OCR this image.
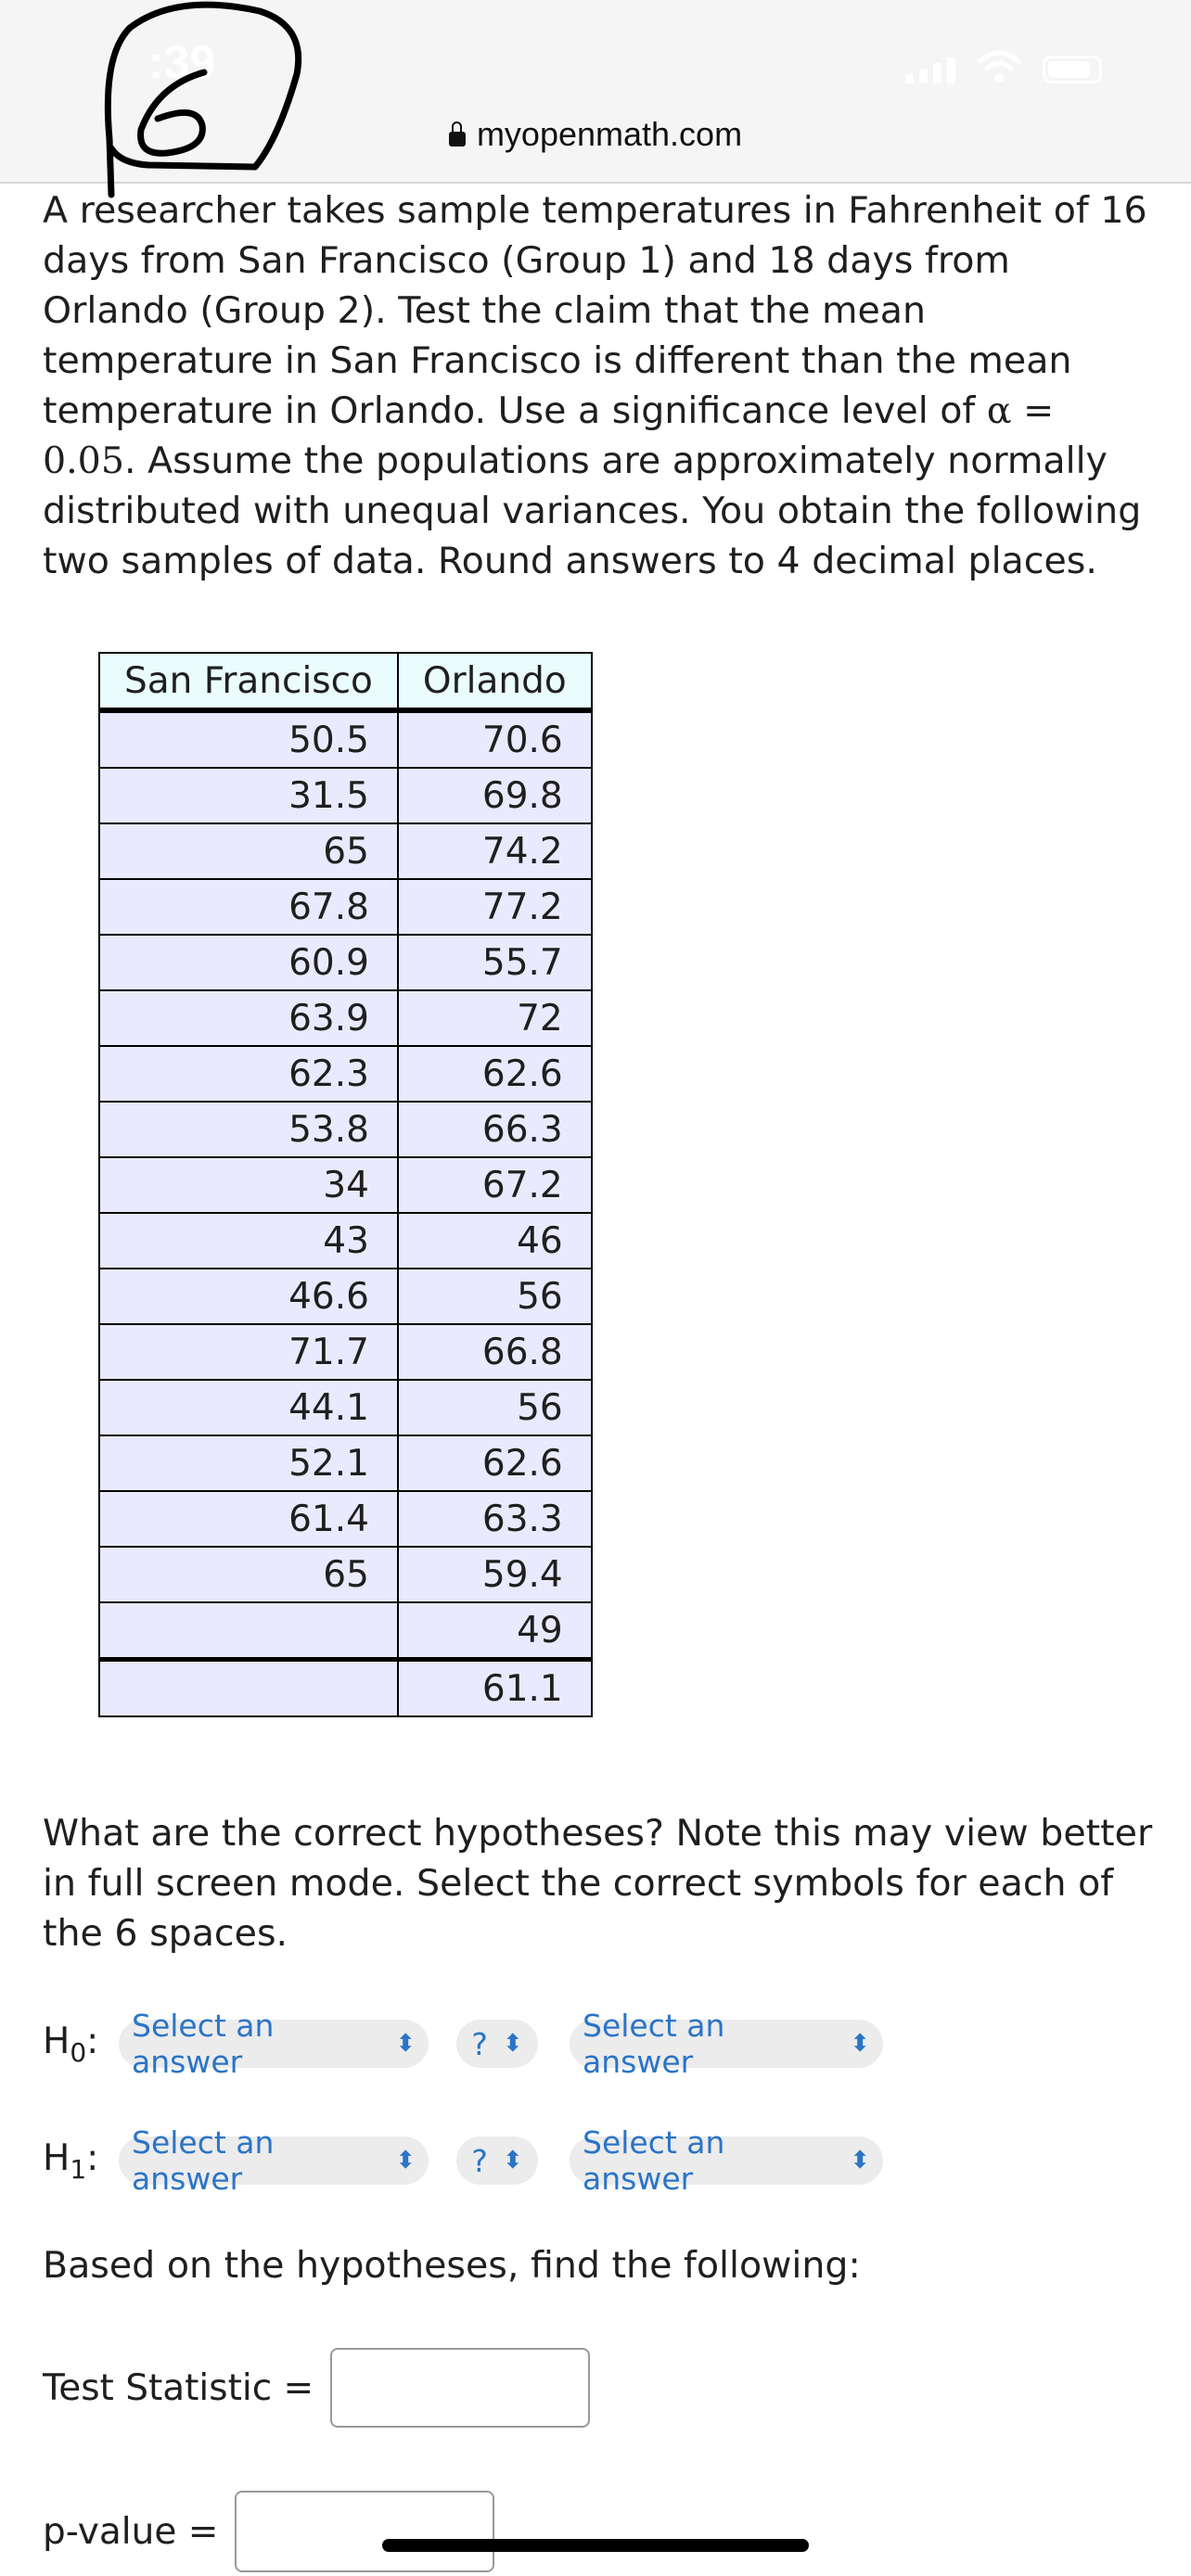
:39
myopenmath.com
6
A researcher takes sample temperatures in Fahrenheit of 16 days from San Francisco (Group 1) and 18 days from Orlando (Group 2). Test the claim that the mean temperature in San Francisco is different than the mean temperature in Orlando. Use a significance level of α = 0.05. Assume the populations are approximately normally distributed with unequal variances. You obtain the following two samples of data. Round answers to 4 decimal places.
San Francisco	Orlando
50.5	70.6
31.5	69.8
65	74.2
67.8	77.2
60.9	55.7
63.9	72
62.3	62.6
53.8	66.3
34	67.2
43	46
46.6	56
71.7	66.8
44.1	56
52.1	62.6
61.4	63.3
65	59.4
	49
	61.1
What are the correct hypotheses? Note this may view better in full screen mode. Select the correct symbols for each of the 6 spaces.
$H_0$:	Select an answer	⬍ ? ⬍ Select an answer	⬍
$H_1$:	Select an answer	⬍ ? ⬍ Select an answer	⬍
Based on the hypotheses, find the following:
Test Statistic =
p-value =
